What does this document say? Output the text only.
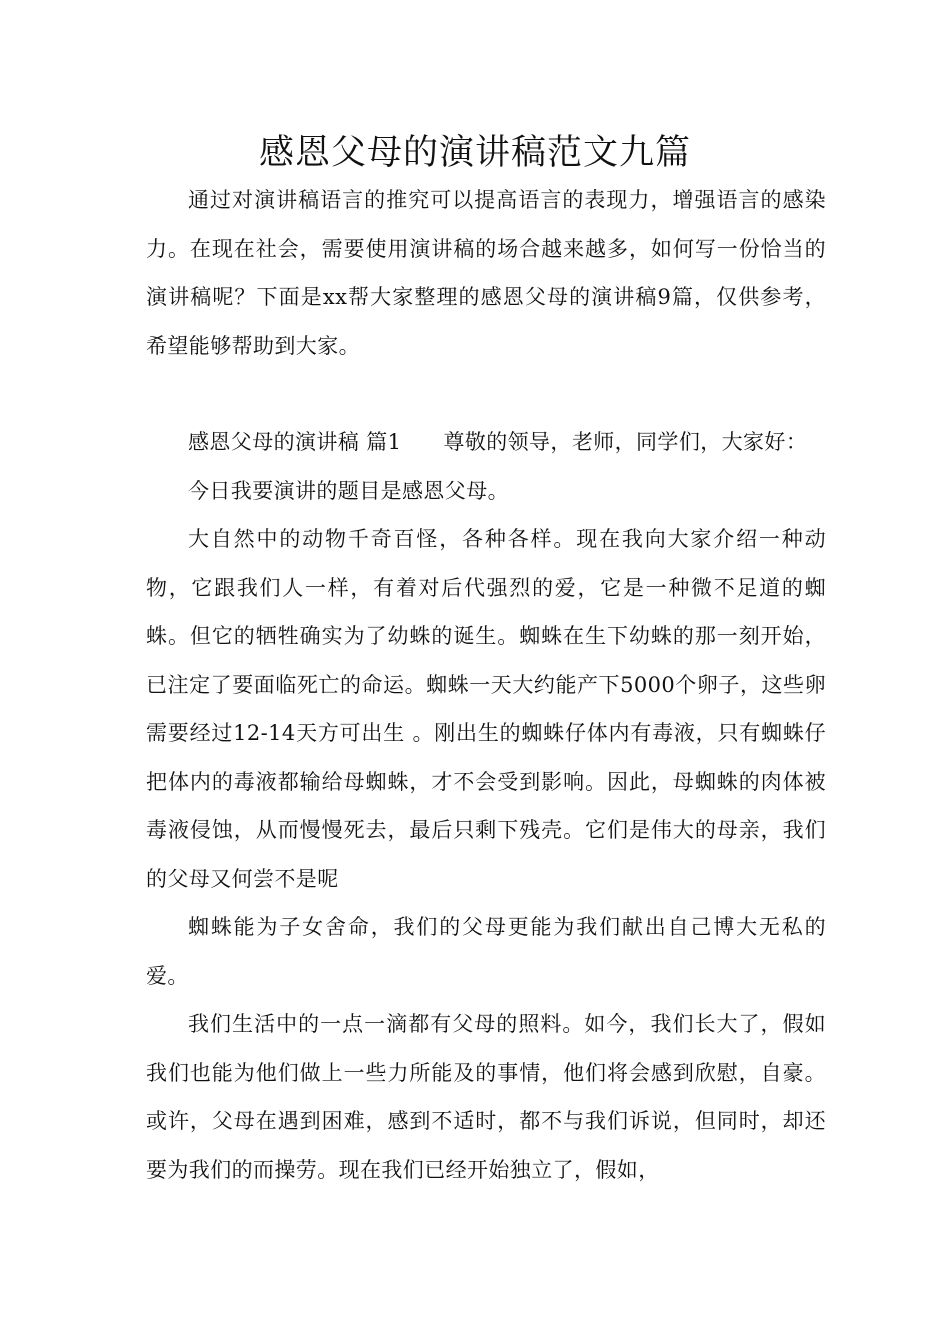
感恩父母的演讲稿范文九篇

通过对演讲稿语言的推究可以提高语言的表现力，增强语言的感染力。在现在社会，需要使用演讲稿的场合越来越多，如何写一份恰当的演讲稿呢？下面是xx帮大家整理的感恩父母的演讲稿9篇，仅供参考，希望能够帮助到大家。

感恩父母的演讲稿 篇1 尊敬的领导，老师，同学们，大家好：

今日我要演讲的题目是感恩父母。

大自然中的动物千奇百怪，各种各样。现在我向大家介绍一种动物，它跟我们人一样，有着对后代强烈的爱，它是一种微不足道的蜘蛛。但它的牺牲确实为了幼蛛的诞生。蜘蛛在生下幼蛛的那一刻开始，已注定了要面临死亡的命运。蜘蛛一天大约能产下5000个卵子，这些卵需要经过12-14天方可出生 。刚出生的蜘蛛仔体内有毒液，只有蜘蛛仔把体内的毒液都输给母蜘蛛，才不会受到影响。因此，母蜘蛛的肉体被毒液侵蚀，从而慢慢死去，最后只剩下残壳。它们是伟大的母亲，我们的父母又何尝不是呢

蜘蛛能为子女舍命，我们的父母更能为我们献出自己博大无私的爱。

我们生活中的一点一滴都有父母的照料。如今，我们长大了，假如我们也能为他们做上一些力所能及的事情，他们将会感到欣慰，自豪。或许，父母在遇到困难，感到不适时，都不与我们诉说，但同时，却还要为我们的而操劳。现在我们已经开始独立了，假如，
